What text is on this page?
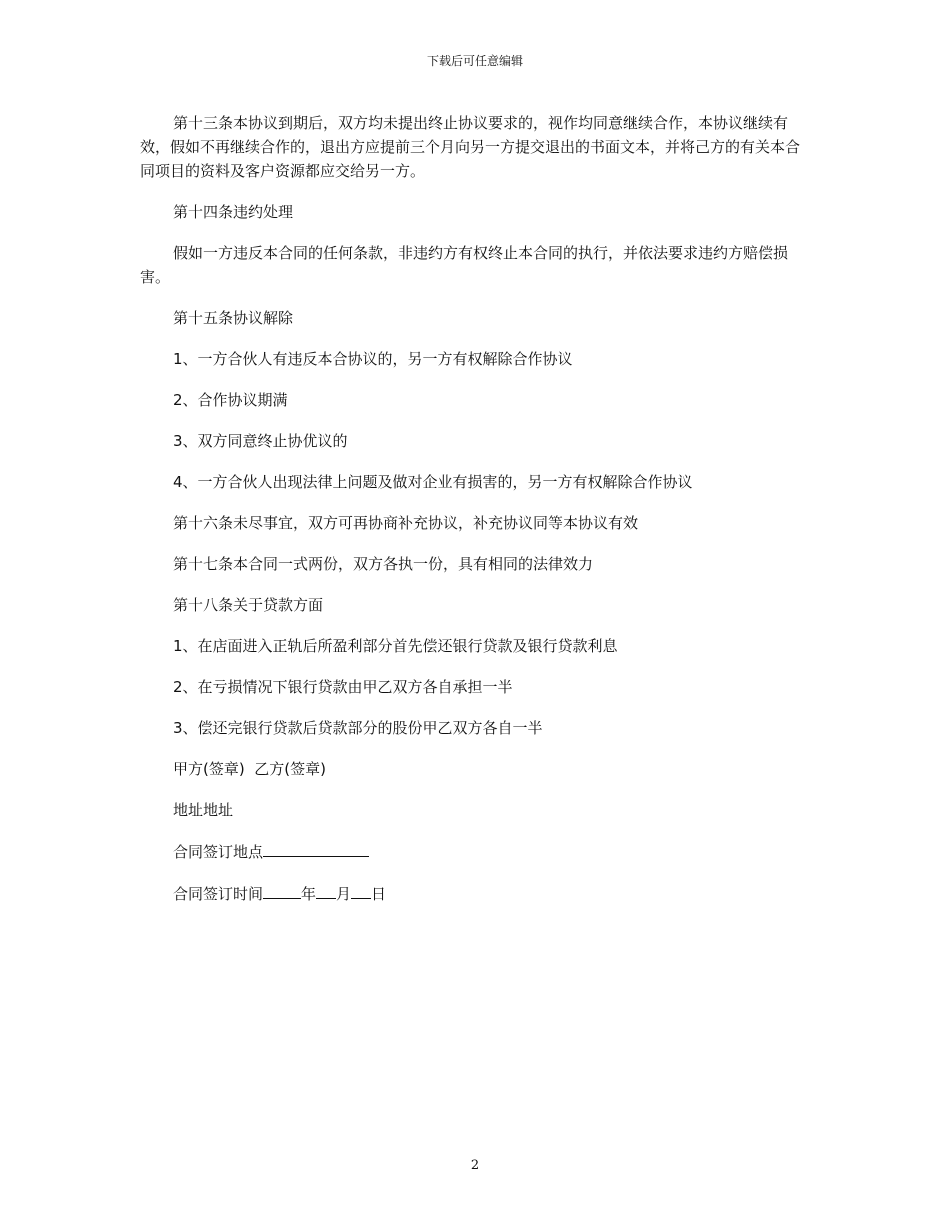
下载后可任意编辑

第十三条本协议到期后，双方均未提出终止协议要求的，视作均同意继续合作，本协议继续有效，假如不再继续合作的，退出方应提前三个月向另一方提交退出的书面文本，并将己方的有关本合同项目的资料及客户资源都应交给另一方。

第十四条违约处理

假如一方违反本合同的任何条款，非违约方有权终止本合同的执行，并依法要求违约方赔偿损害。

第十五条协议解除

1、一方合伙人有违反本合协议的，另一方有权解除合作协议

2、合作协议期满

3、双方同意终止协优议的

4、一方合伙人出现法律上问题及做对企业有损害的，另一方有权解除合作协议

第十六条未尽事宜，双方可再协商补充协议，补充协议同等本协议有效

第十七条本合同一式两份，双方各执一份，具有相同的法律效力

第十八条关于贷款方面

1、在店面进入正轨后所盈利部分首先偿还银行贷款及银行贷款利息

2、在亏损情况下银行贷款由甲乙双方各自承担一半

3、偿还完银行贷款后贷款部分的股份甲乙双方各自一半

甲方(签章)  乙方(签章)

地址地址

合同签订地点

合同签订时间	年 月 日

2
